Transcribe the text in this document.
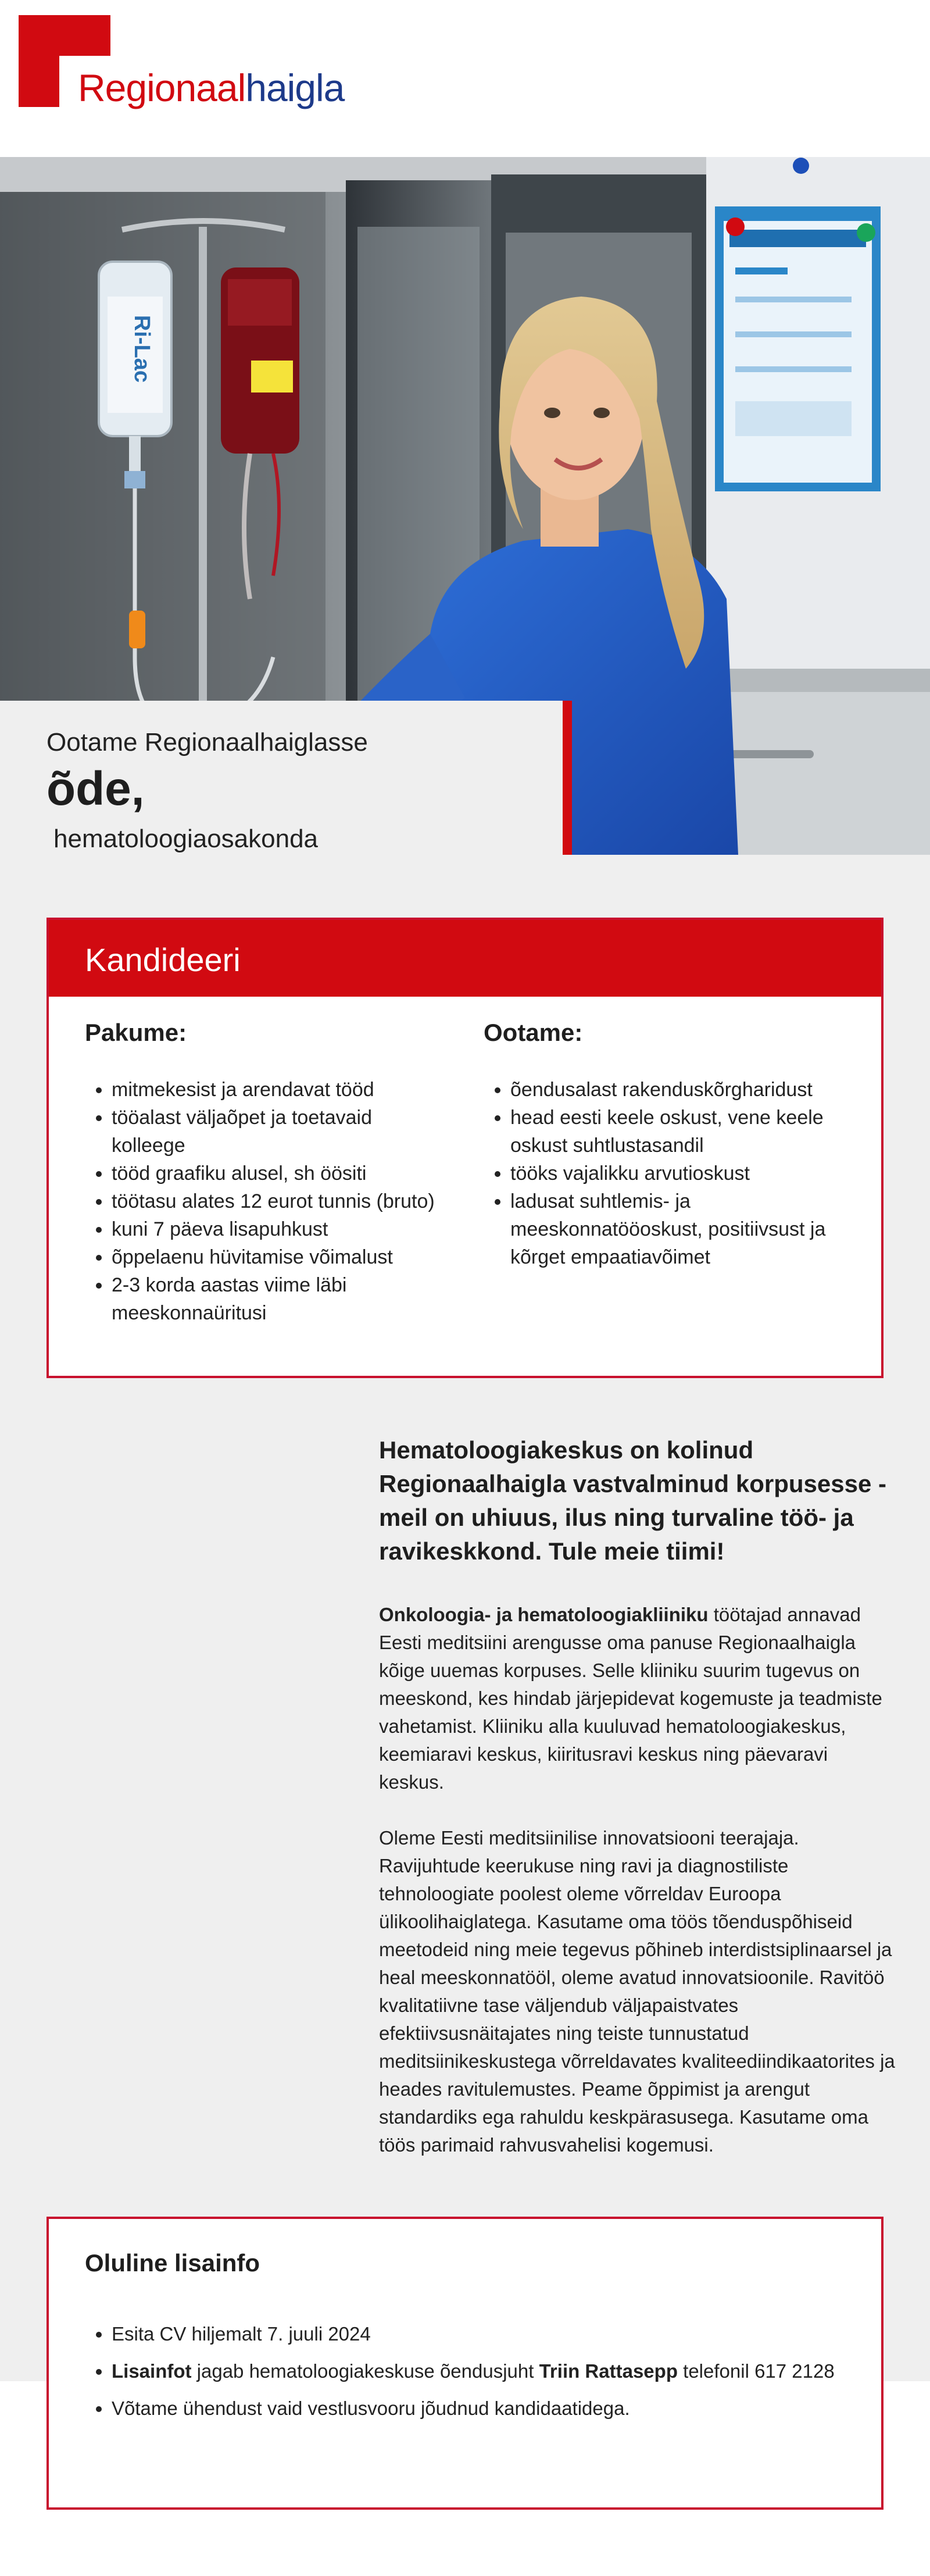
Regionaalhaigla
Ri-Lac
Ootame Regionaalhaiglasse
õde,
hematoloogiaosakonda
Kandideeri
Pakume:
• mitmekesist ja arendavat tööd
• tööalast väljaõpet ja toetavaid kolleege
• tööd graafiku alusel, sh öösiti
• töötasu alates 12 eurot tunnis (bruto)
• kuni 7 päeva lisapuhkust
• õppelaenu hüvitamise võimalust
• 2-3 korda aastas viime läbi meeskonnaüritusi
Ootame:
• õendusalast rakenduskõrgharidust
• head eesti keele oskust, vene keele oskust suhtlustasandil
• tööks vajalikku arvutioskust
• ladusat suhtlemis- ja meeskonnatööoskust, positiivsust ja kõrget empaatiavõimet
Hematoloogiakeskus on kolinud Regionaalhaigla vastvalminud korpusesse - meil on uhiuus, ilus ning turvaline töö- ja ravikeskkond. Tule meie tiimi!

Onkoloogia- ja hematoloogiakliiniku töötajad annavad Eesti meditsiini arengusse oma panuse Regionaalhaigla kõige uuemas korpuses. Selle kliiniku suurim tugevus on meeskond, kes hindab järjepidevat kogemuste ja teadmiste vahetamist. Kliiniku alla kuuluvad hematoloogiakeskus, keemiaravi keskus, kiiritusravi keskus ning päevaravi keskus.

Oleme Eesti meditsiinilise innovatsiooni teerajaja. Ravijuhtude keerukuse ning ravi ja diagnostiliste tehnoloogiate poolest oleme võrreldav Euroopa ülikoolihaiglatega. Kasutame oma töös tõenduspõhiseid meetodeid ning meie tegevus põhineb interdistsiplinaarsel ja heal meeskonnatööl, oleme avatud innovatsioonile. Ravitöö kvalitatiivne tase väljendub väljapaistvates efektiivsusnäitajates ning teiste tunnustatud meditsiinikeskustega võrreldavates kvaliteediindikaatorites ja heades ravitulemustes. Peame õppimist ja arengut standardiks ega rahuldu keskpärasusega. Kasutame oma töös parimaid rahvusvahelisi kogemusi.

Oluline lisainfo
• Esita CV hiljemalt 7. juuli 2024
• Lisainfot jagab hematoloogiakeskuse õendusjuht Triin Rattasepp telefonil 617 2128
• Võtame ühendust vaid vestlusvooru jõudnud kandidaatidega.
